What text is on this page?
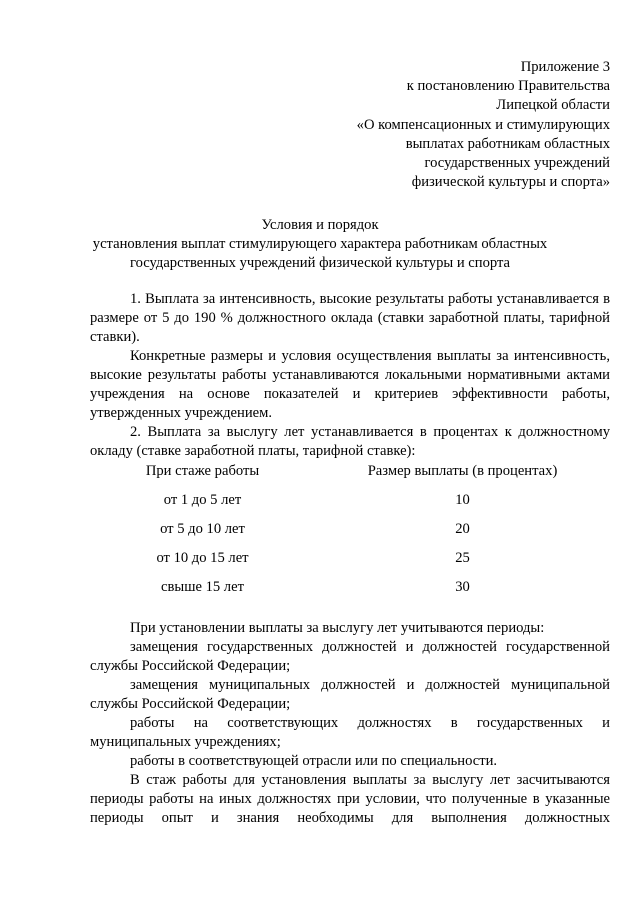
Приложение 3
к постановлению Правительства
Липецкой области
«О компенсационных и стимулирующих
выплатах работникам областных
государственных учреждений
физической культуры и спорта»
Условия и порядок
установления выплат стимулирующего характера работникам областных
государственных учреждений физической культуры и спорта

1. Выплата за интенсивность, высокие результаты работы устанавливается в размере от 5 до 190 % должностного оклада (ставки заработной платы, тарифной ставки).

Конкретные размеры и условия осуществления выплаты за интенсивность, высокие результаты работы устанавливаются локальными нормативными актами учреждения на основе показателей и критериев эффективности работы, утвержденных учреждением.

2. Выплата за выслугу лет устанавливается в процентах к должностному окладу (ставке заработной платы, тарифной ставке):

При стаже работы	Размер выплаты (в процентах)
от 1 до 5 лет	10
от 5 до 10 лет	20
от 10 до 15 лет	25
свыше 15 лет	30

При установлении выплаты за выслугу лет учитываются периоды:

замещения государственных должностей и должностей государственной службы Российской Федерации;

замещения муниципальных должностей и должностей муниципальной службы Российской Федерации;

работы на соответствующих должностях в государственных и муниципальных учреждениях;

работы в соответствующей отрасли или по специальности.

В стаж работы для установления выплаты за выслугу лет засчитываются периоды работы на иных должностях при условии, что полученные в указанные периоды опыт и знания необходимы для выполнения должностных
